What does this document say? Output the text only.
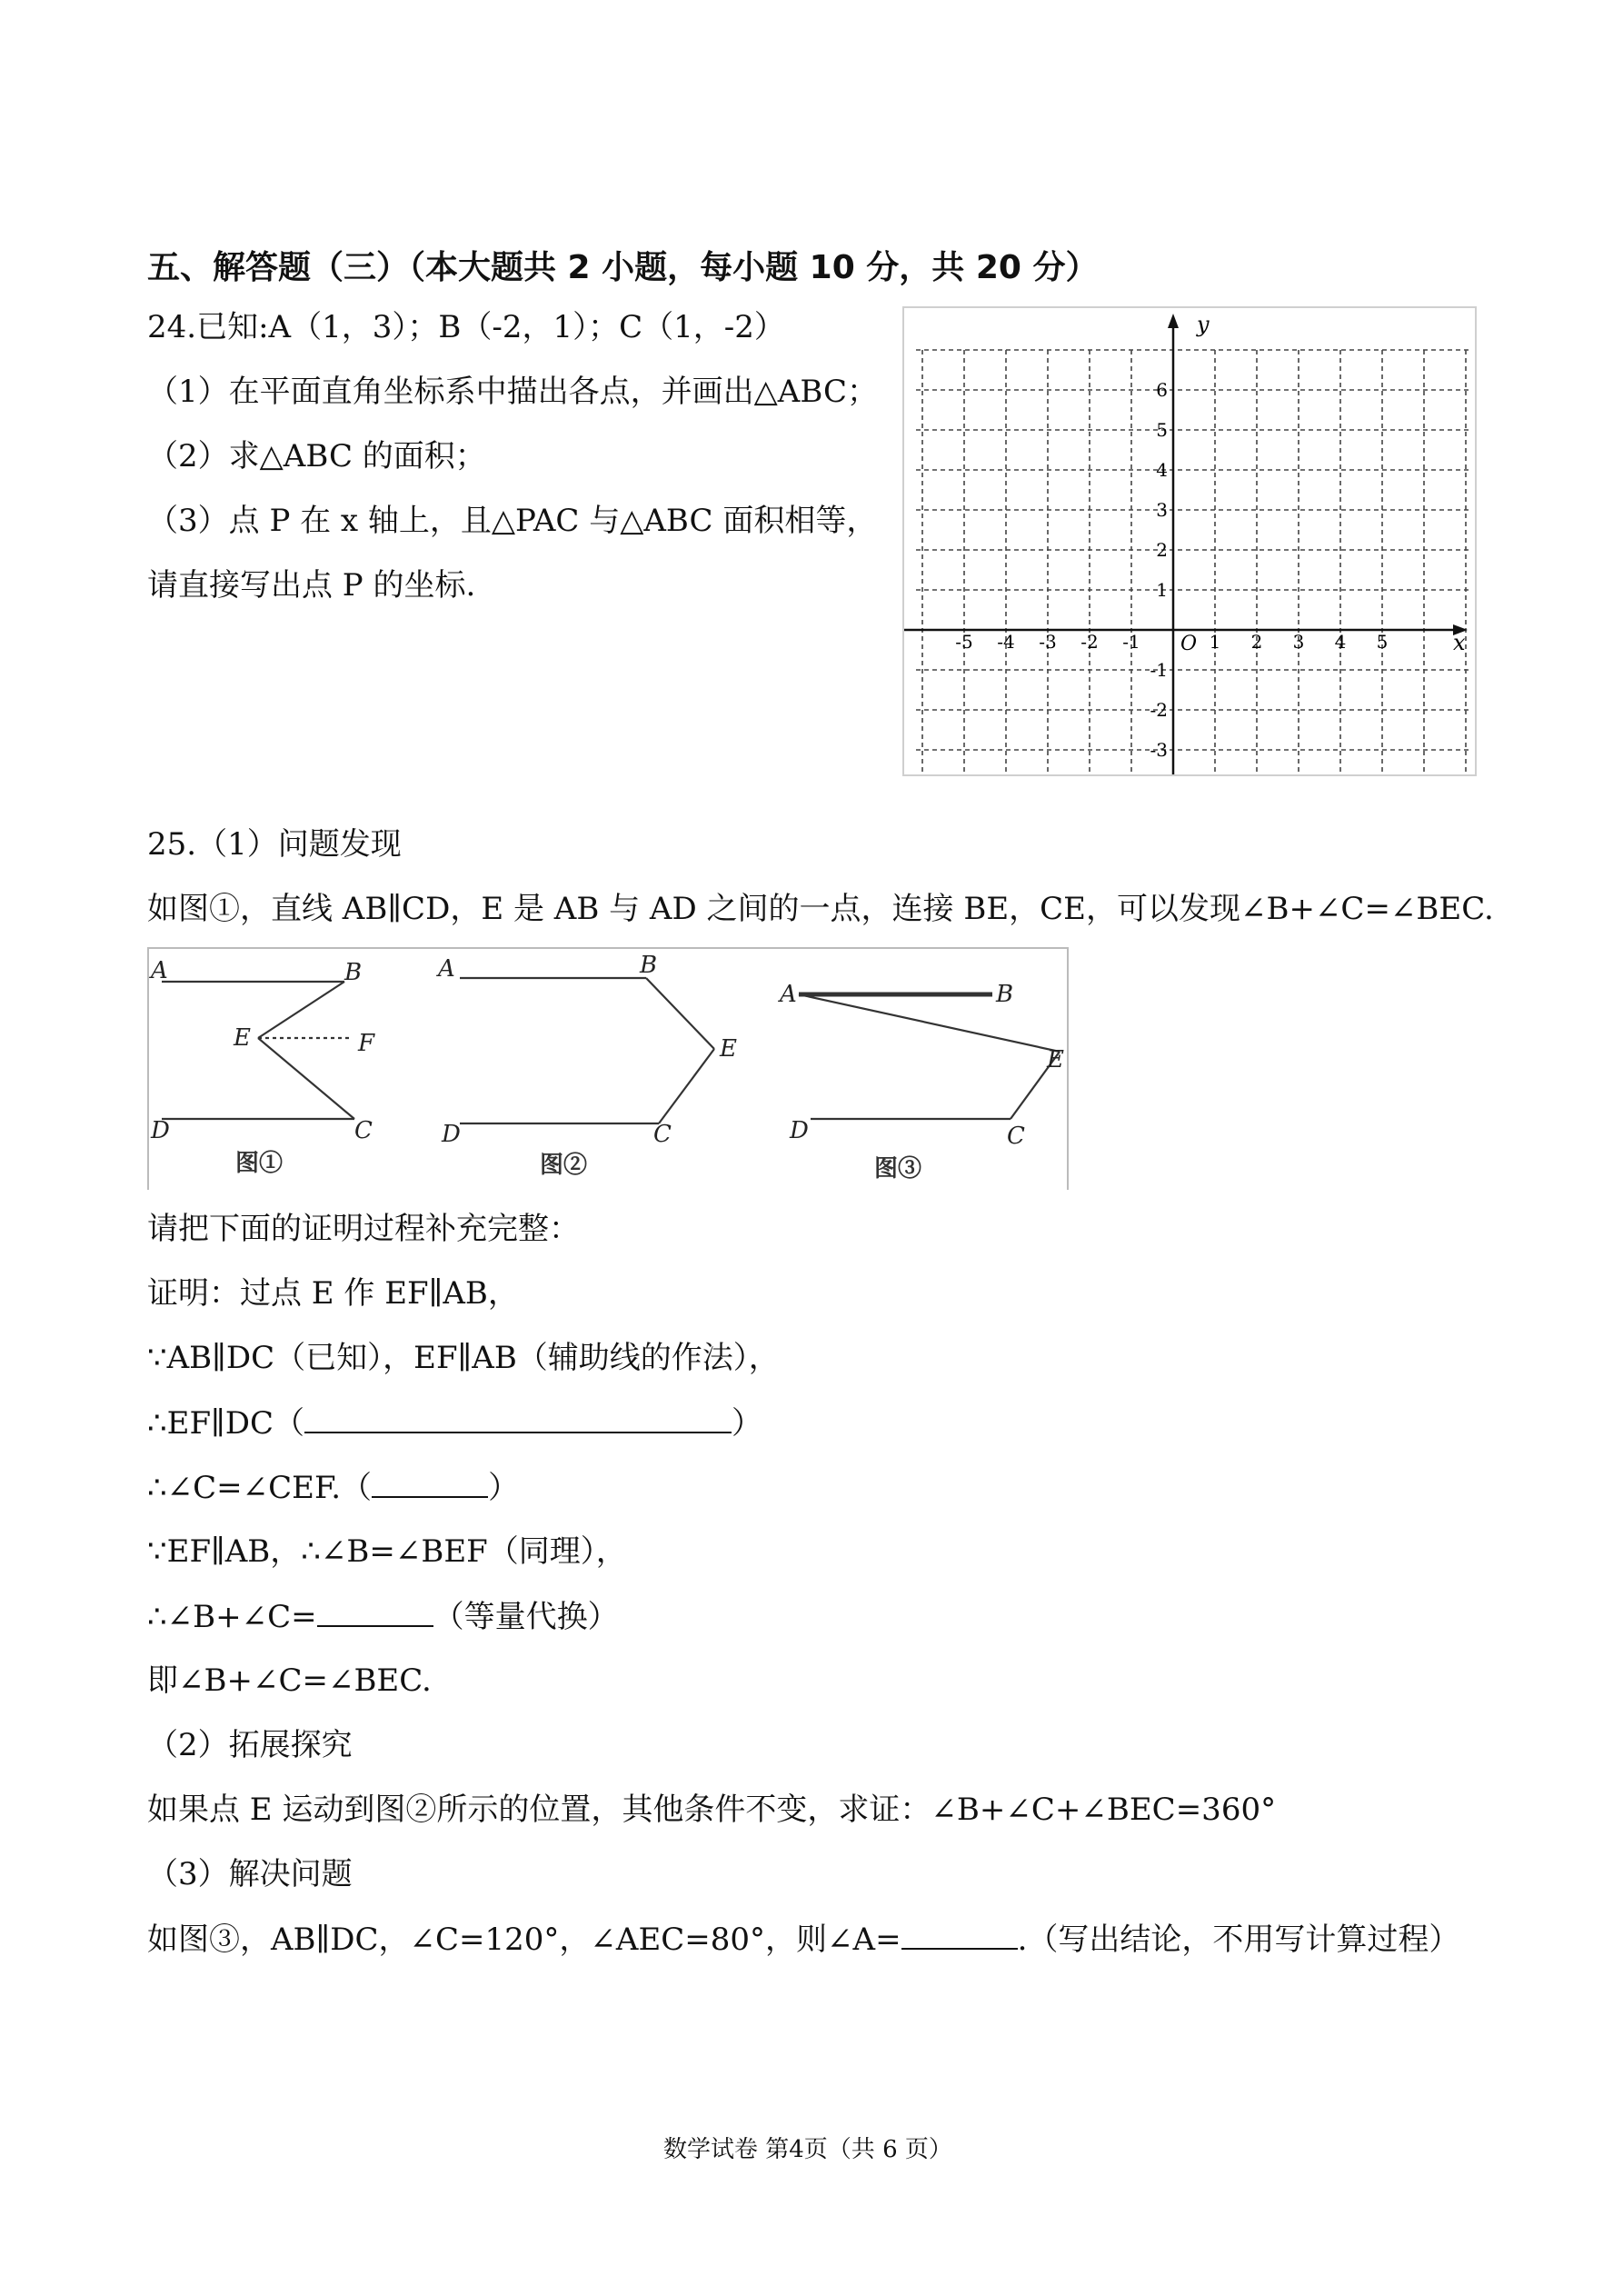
五、解答题（三）（本大题共 2 小题，每小题 10 分，共 20 分）
24.已知:A（1，3）；B（-2，1）；C（1，-2）
（1）在平面直角坐标系中描出各点，并画出△ABC；
（2）求△ABC 的面积；
（3）点 P 在 x 轴上，且△PAC 与△ABC 面积相等，
请直接写出点 P 的坐标.
y
x
O
-5 -4 -3 -2 -1	1 2 3 4 5
6
5
4
3
2
1
-1
-2
-3
25.（1）问题发现
如图①，直线 AB∥CD，E 是 AB 与 AD 之间的一点，连接 BE，CE，可以发现∠B+∠C=∠BEC.
A	B
E	F
D	C
A	B
E
D	C
A	B
E
D	C
图①	图②	图③
请把下面的证明过程补充完整：
证明：过点 E 作 EF∥AB，
∵AB∥DC（已知），EF∥AB（辅助线的作法），
∴EF∥DC（	）
∴∠C=∠CEF.（	）
∵EF∥AB，∴∠B=∠BEF（同理），
∴∠B+∠C=	（等量代换）
即∠B+∠C=∠BEC.
（2）拓展探究
如果点 E 运动到图②所示的位置，其他条件不变，求证：∠B+∠C+∠BEC=360°
（3）解决问题
如图③，AB∥DC，∠C=120°，∠AEC=80°，则∠A=	.（写出结论，不用写计算过程）
数学试卷 第4页（共 6 页）
